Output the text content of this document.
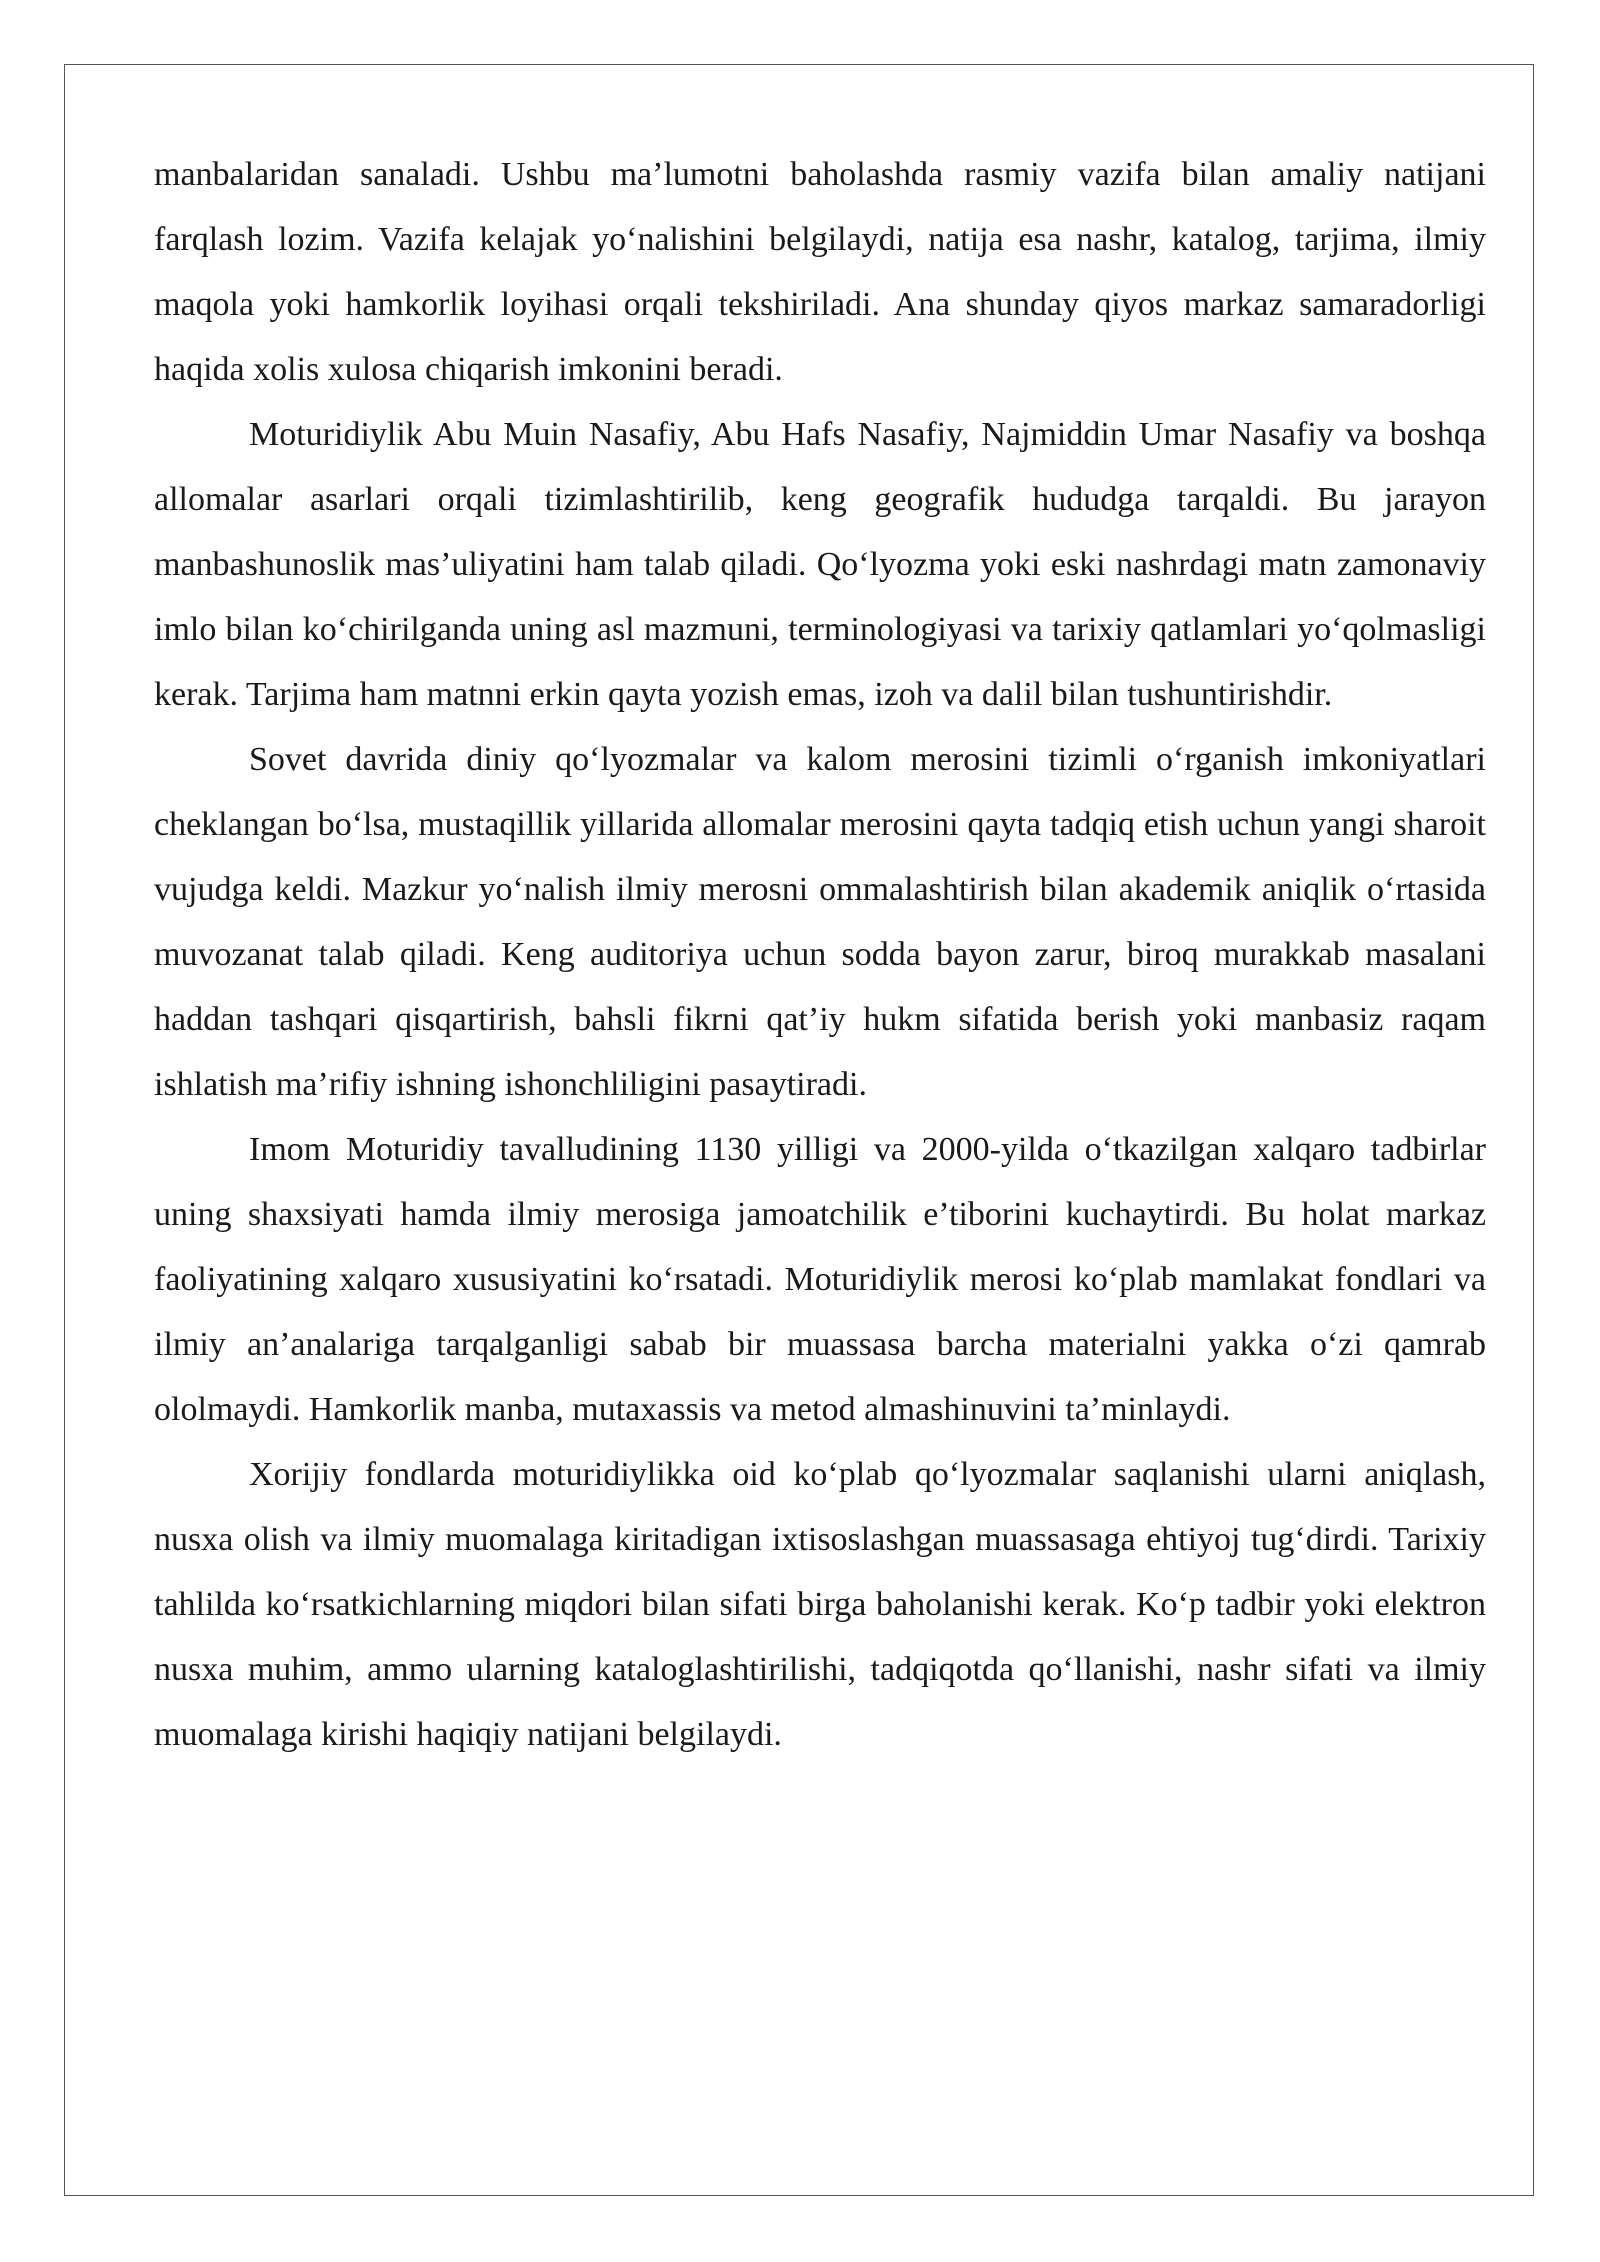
manbalaridan sanaladi. Ushbu ma’lumotni baholashda rasmiy vazifa bilan amaliy natijani farqlash lozim. Vazifa kelajak yo‘nalishini belgilaydi, natija esa nashr, katalog, tarjima, ilmiy maqola yoki hamkorlik loyihasi orqali tekshiriladi. Ana shunday qiyos markaz samaradorligi haqida xolis xulosa chiqarish imkonini beradi.

Moturidiylik Abu Muin Nasafiy, Abu Hafs Nasafiy, Najmiddin Umar Nasafiy va boshqa allomalar asarlari orqali tizimlashtirilib, keng geografik hududga tarqaldi. Bu jarayon manbashunoslik mas’uliyatini ham talab qiladi. Qo‘lyozma yoki eski nashrdagi matn zamonaviy imlo bilan ko‘chirilganda uning asl mazmuni, terminologiyasi va tarixiy qatlamlari yo‘qolmasligi kerak. Tarjima ham matnni erkin qayta yozish emas, izoh va dalil bilan tushuntirishdir.

Sovet davrida diniy qo‘lyozmalar va kalom merosini tizimli o‘rganish imkoniyatlari cheklangan bo‘lsa, mustaqillik yillarida allomalar merosini qayta tadqiq etish uchun yangi sharoit vujudga keldi. Mazkur yo‘nalish ilmiy merosni ommalashtirish bilan akademik aniqlik o‘rtasida muvozanat talab qiladi. Keng auditoriya uchun sodda bayon zarur, biroq murakkab masalani haddan tashqari qisqartirish, bahsli fikrni qat’iy hukm sifatida berish yoki manbasiz raqam ishlatish ma’rifiy ishning ishonchliligini pasaytiradi.

Imom Moturidiy tavalludining 1130 yilligi va 2000-yilda o‘tkazilgan xalqaro tadbirlar uning shaxsiyati hamda ilmiy merosiga jamoatchilik e’tiborini kuchaytirdi. Bu holat markaz faoliyatining xalqaro xususiyatini ko‘rsatadi. Moturidiylik merosi ko‘plab mamlakat fondlari va ilmiy an’analariga tarqalganligi sabab bir muassasa barcha materialni yakka o‘zi qamrab ololmaydi. Hamkorlik manba, mutaxassis va metod almashinuvini ta’minlaydi.

Xorijiy fondlarda moturidiylikka oid ko‘plab qo‘lyozmalar saqlanishi ularni aniqlash, nusxa olish va ilmiy muomalaga kiritadigan ixtisoslashgan muassasaga ehtiyoj tug‘dirdi. Tarixiy tahlilda ko‘rsatkichlarning miqdori bilan sifati birga baholanishi kerak. Ko‘p tadbir yoki elektron nusxa muhim, ammo ularning kataloglashtirilishi, tadqiqotda qo‘llanishi, nashr sifati va ilmiy muomalaga kirishi haqiqiy natijani belgilaydi.
